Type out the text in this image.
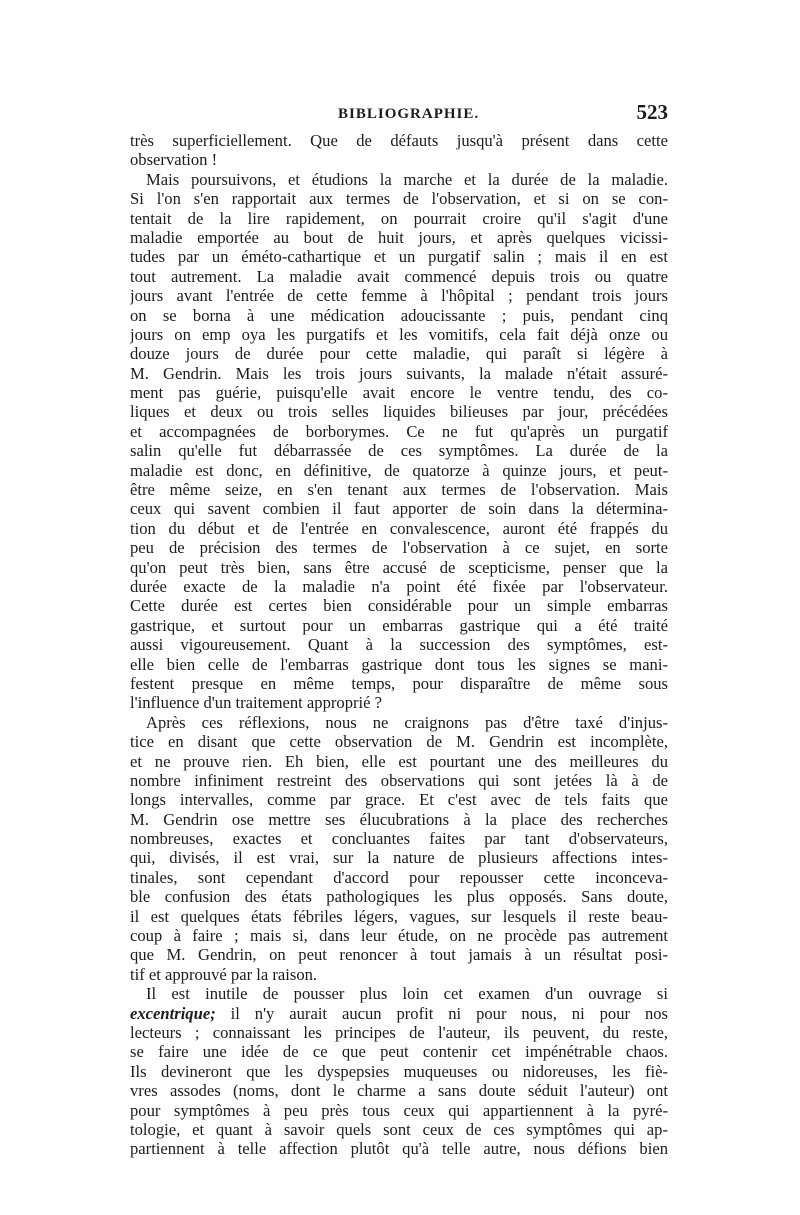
BIBLIOGRAPHIE.	523
très superficiellement. Que de défauts jusqu'à présent dans cette
observation !
Mais poursuivons, et étudions la marche et la durée de la maladie.
Si l'on s'en rapportait aux termes de l'observation, et si on se con-
tentait de la lire rapidement, on pourrait croire qu'il s'agit d'une
maladie emportée au bout de huit jours, et après quelques vicissi-
tudes par un émétо-cathartique et un purgatif salin ; mais il en est
tout autrement. La maladie avait commencé depuis trois ou quatre
jours avant l'entrée de cette femme à l'hôpital ; pendant trois jours
on se borna à une médication adoucissante ; puis, pendant cinq
jours on emp oya les purgatifs et les vomitifs, cela fait déjà onze ou
douze jours de durée pour cette maladie, qui paraît si légère à
M. Gendrin. Mais les trois jours suivants, la malade n'était assuré-
ment pas guérie, puisqu'elle avait encore le ventre tendu, des co-
liques et deux ou trois selles liquides bilieuses par jour, précédées
et accompagnées de borborymes. Ce ne fut qu'après un purgatif
salin qu'elle fut débarrassée de ces symptômes. La durée de la
maladie est donc, en définitive, de quatorze à quinze jours, et peut-
être même seize, en s'en tenant aux termes de l'observation. Mais
ceux qui savent combien il faut apporter de soin dans la détermina-
tion du début et de l'entrée en convalescence, auront été frappés du
peu de précision des termes de l'observation à ce sujet, en sorte
qu'on peut très bien, sans être accusé de scepticisme, penser que la
durée exacte de la maladie n'a point été fixée par l'observateur.
Cette durée est certes bien considérable pour un simple embarras
gastrique, et surtout pour un embarras gastrique qui a été traité
aussi vigoureusement. Quant à la succession des symptômes, est-
elle bien celle de l'embarras gastrique dont tous les signes se mani-
festent presque en même temps, pour disparaître de même sous
l'influence d'un traitement approprié ?
Après ces réflexions, nous ne craignons pas d'être taxé d'injus-
tice en disant que cette observation de M. Gendrin est incomplète,
et ne prouve rien. Eh bien, elle est pourtant une des meilleures du
nombre infiniment restreint des observations qui sont jetées là à de
longs intervalles, comme par grace. Et c'est avec de tels faits que
M. Gendrin ose mettre ses élucubrations à la place des recherches
nombreuses, exactes et concluantes faites par tant d'observateurs,
qui, divisés, il est vrai, sur la nature de plusieurs affections intes-
tinales, sont cependant d'accord pour repousser cette inconceva-
ble confusion des états pathologiques les plus opposés. Sans doute,
il est quelques états fébriles légers, vagues, sur lesquels il reste beau-
coup à faire ; mais si, dans leur étude, on ne procède pas autrement
que M. Gendrin, on peut renoncer à tout jamais à un résultat posi-
tif et approuvé par la raison.
Il est inutile de pousser plus loin cet examen d'un ouvrage si
excentrique; il n'y aurait aucun profit ni pour nous, ni pour nos
lecteurs ; connaissant les principes de l'auteur, ils peuvent, du reste,
se faire une idée de ce que peut contenir cet impénétrable chaos.
Ils devineront que les dyspepsies muqueuses ou nidoreuses, les fiè-
vres assodes (noms, dont le charme a sans doute séduit l'auteur) ont
pour symptômes à peu près tous ceux qui appartiennent à la pyré-
tologie, et quant à savoir quels sont ceux de ces symptômes qui ap-
partiennent à telle affection plutôt qu'à telle autre, nous défions bien
